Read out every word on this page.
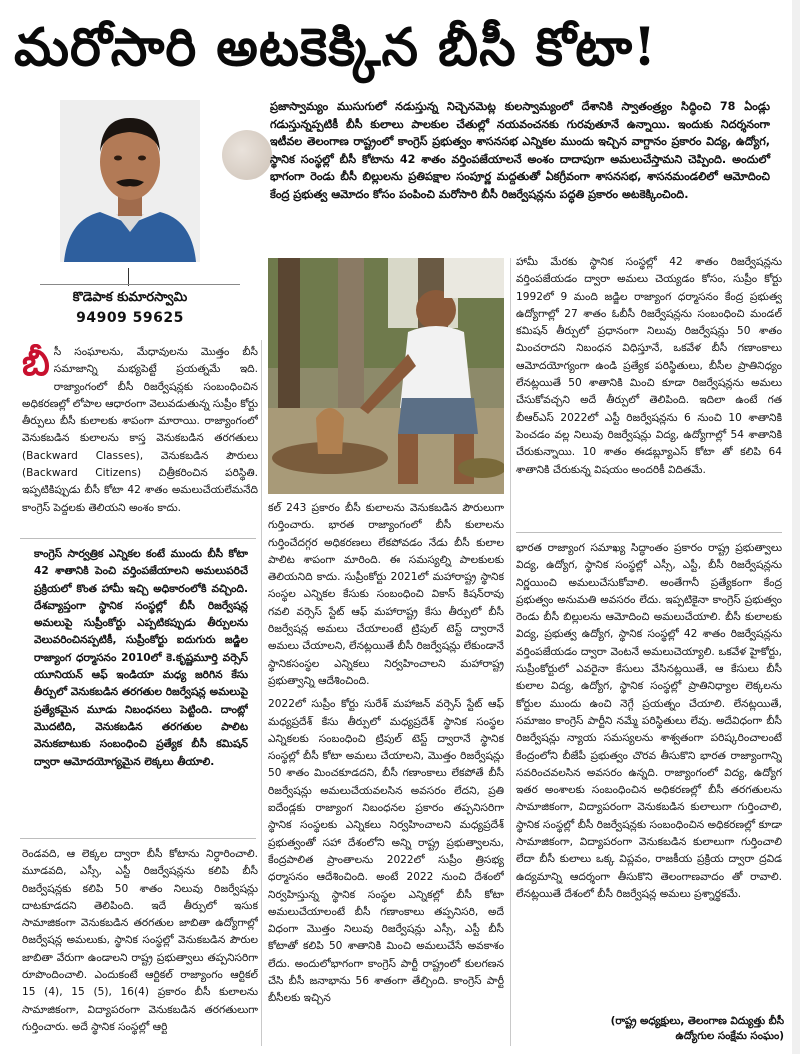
మరోసారి అటకెక్కిన బీసీ కోటా!
కొడెపాక కుమారస్వామి
94909 59625
ప్రజాస్వామ్యం ముసుగులో నడుస్తున్న నిచ్చెనమెట్ల కులస్వామ్యంలో దేశానికి స్వాతంత్ర్యం సిద్ధించి 78 ఏండ్లు గడుస్తున్నప్పటికీ బీసీ కులాలు పాలకుల చేతుల్లో నయవంచనకు గురవుతూనే ఉన్నాయి. ఇందుకు నిదర్శనంగా ఇటీవల తెలంగాణ రాష్ట్రంలో కాంగ్రెస్‌ ప్రభుత్వం శాసనసభ ఎన్నికల ముందు ఇచ్చిన వాగ్దానం ప్రకారం విద్య, ఉద్యోగ, స్థానిక సంస్థల్లో బీసీ కోటాను 42 శాతం వర్తింపజేయాలనే అంశం దాదాపుగా అమలుచేస్తామని చెప్పింది. అందులో భాగంగా రెండు బీసీ బిల్లులను ప్రతిపక్షాల సంపూర్ణ మద్దతుతో ఏకగ్రీవంగా శాసనసభ, శాసనమండలిలో ఆమోదించి కేంద్ర ప్రభుత్వ ఆమోదం కోసం పంపించి మరోసారి బీసీ రిజర్వేషన్లను పద్ధతి ప్రకారం అటకెక్కించింది.
బీ సీ సంఘాలను, మేధావులను మొత్తం బీసీ సమాజాన్ని మభ్యపెట్టే ప్రయత్నమే ఇది. రాజ్యాంగంలో బీసీ రిజర్వేషన్లకు సంబంధించిన అధికరణల్లో లోపాల ఆధారంగా వెలువడుతున్న సుప్రీం కోర్టు తీర్పులు బీసీ కులాలకు శాపంగా మారాయి. రాజ్యాంగంలో వెనుకబడిన కులాలను కాస్త వెనుకబడిన తరగతులు (Backward Classes), వెనుకబడిన పౌరులు (Backward Citizens) చిత్రీకరించిన పరిస్థితి. ఇప్పటికిప్పుడు బీసీ కోటా 42 శాతం అమలుచేయలేమనేది కాంగ్రెస్ పెద్దలకు తెలియని అంశం కాదు.
కాంగ్రెస్ సార్వత్రిక ఎన్నికల కంటే ముందు బీసీ కోటా 42 శాతానికి పెంచి వర్తింపజేయాలని అమలుపరిచే ప్రక్రియలో కొంత హామీ ఇచ్చి అధికారంలోకి వచ్చింది. దేశవ్యాప్తంగా స్థానిక సంస్థల్లో బీసీ రిజర్వేషన్ల అమలుపై సుప్రీంకోర్టు ఎప్పటికప్పుడు తీర్పులను వెలువరించినప్పటికీ, సుప్రీంకోర్టు ఐదుగురు జడ్జిల రాజ్యాంగ ధర్మాసనం 2010లో కె.కృష్ణమూర్తి వర్సెస్ యూనియన్ ఆఫ్ ఇండియా మధ్య జరిగిన కేసు తీర్పులో వెనుకబడిన తరగతుల రిజర్వేషన్ల అమలుపై ప్రత్యేకమైన మూడు నిబంధనలు పెట్టింది. దాంట్లో మొదటిది, వెనుకబడిన తరగతుల పాలిట వెనుకబాటుకు సంబంధించి ప్రత్యేక బీసీ కమిషన్ ద్వారా ఆమోదయోగ్యమైన లెక్కలు తీయాలి.
రెండవది, ఆ లెక్కల ద్వారా బీసీ కోటాను నిర్ధారించాలి. మూడవది, ఎస్సీ, ఎస్టీ రిజర్వేషన్లను కలిపి బీసీ రిజర్వేషన్లకు కలిపి 50 శాతం నిలువు రిజర్వేషన్లు దాటకూడదని తెలిపింది. ఇదే తీర్పులో ఇసుక సామాజికంగా వెనుకబడిన తరగతుల జాబితా ఉద్యోగాల్లో రిజర్వేషన్ల అమలుకు, స్థానిక సంస్థల్లో వెనుకబడిన పౌరుల జాబితా వేరుగా ఉండాలని రాష్ట్ర ప్రభుత్వాలు తప్పనిసరిగా రూపొందించాలి. ఎందుకంటే ఆర్టికల్ రాజ్యాంగం ఆర్టికల్ 15 (4), 15 (5), 16(4) ప్రకారం బీసీ కులాలను సామాజికంగా, విద్యాపరంగా వెనుకబడిన తరగతులుగా గుర్తించారు. అదే స్థానిక సంస్థల్లో ఆర్టి

కల్ 243 ప్రకారం బీసీ కులాలను వెనుకబడిన పౌరులుగా గుర్తించారు. భారత రాజ్యాంగంలో బీసీ కులాలను గుర్తించేదగ్గర అధికరణలు లేకపోవడం నేడు బీసీ కులాల పాలిట శాపంగా మారింది. ఈ సమస్యల్ని పాలకులకు తెలియనిది కాదు. సుప్రీంకోర్టు 2021లో మహారాష్ట్ర స్థానిక సంస్థల ఎన్నికల కేసుకు సంబంధించి వికాస్ కిషన్‌రావు గవలి వర్సెస్ స్టేట్ ఆఫ్ మహారాష్ట్ర కేసు తీర్పులో బీసీ రిజర్వేషన్ల అమలు చేయాలంటే ట్రిపుల్ టెస్ట్ ద్వారానే అమలు చేయాలని, లేనట్లయితే బీసీ రిజర్వేషన్లు లేకుండానే స్థానికసంస్థల ఎన్నికలు నిర్వహించాలని మహారాష్ట్ర ప్రభుత్వాన్ని ఆదేశించింది.

2022లో సుప్రీం కోర్టు సురేశ్ మహాజన్ వర్సెస్ స్టేట్ ఆఫ్ మధ్యప్రదేశ్ కేసు తీర్పులో మధ్యప్రదేశ్ స్థానిక సంస్థల ఎన్నికలకు సంబంధించి ట్రిపుల్ టెస్ట్ ద్వారానే స్థానిక సంస్థల్లో బీసీ కోటా అమలు చేయాలని, మొత్తం రిజర్వేషన్లు 50 శాతం మించకూడదని, బీసీ గణాంకాలు లేకపోతే బీసీ రిజర్వేషన్లు అమలుచేయవలసిన అవసరం లేదని, ప్రతి ఐదేండ్లకు రాజ్యాంగ నిబంధనల ప్రకారం తప్పనిసరిగా స్థానిక సంస్థలకు ఎన్నికలు నిర్వహించాలని మధ్యప్రదేశ్ ప్రభుత్వంతో సహా దేశంలోని అన్ని రాష్ట్ర ప్రభుత్వాలను, కేంద్రపాలిత ప్రాంతాలను 2022లో సుప్రీం త్రిసభ్య ధర్మాసనం ఆదేశించింది. అంటే 2022 నుంచి దేశంలో నిర్వహిస్తున్న స్థానిక సంస్థల ఎన్నికల్లో బీసీ కోటా అమలుచేయాలంటే బీసీ గణాంకాలు తప్పనిసరి, అదే విధంగా మొత్తం నిలువు రిజర్వేషన్లు ఎస్సీ, ఎస్టీ బీసీ కోటాతో కలిపి 50 శాతానికి మించి అమలుచేసే అవకాశం లేదు. అందులోభాగంగా కాంగ్రెస్ పార్టీ రాష్ట్రంలో కులగణన చేసి బీసీ జనాభాను 56 శాతంగా తేల్చింది. కాంగ్రెస్ పార్టీ బీసీలకు ఇచ్చిన

హామీ మేరకు స్థానిక సంస్థల్లో 42 శాతం రిజర్వేషన్లను వర్తింపజేయడం ద్వారా అమలు చెయ్యడం కోసం, సుప్రీం కోర్టు 1992లో 9 మంది జడ్జిల రాజ్యాంగ ధర్మాసనం కేంద్ర ప్రభుత్వ ఉద్యోగాల్లో 27 శాతం ఓబీసీ రిజర్వేషన్లను సంబంధించి మండల్ కమిషన్ తీర్పులో ప్రధానంగా నిలువు రిజర్వేషన్లు 50 శాతం మించరాదని నిబంధన విధిస్తూనే, ఒకవేళ బీసీ గణాంకాలు ఆమోదయోగ్యంగా ఉండి ప్రత్యేక పరిస్థితులు, బీసీల ప్రాతినిధ్యం లేనట్లయితే 50 శాతానికి మించి కూడా రిజర్వేషన్లను అమలు చేసుకోవచ్చని అదే తీర్పులో తెలిపింది. ఇదిలా ఉంటే గత బీఆర్ఎస్ 2022లో ఎస్టీ రిజర్వేషన్లను 6 నుంచి 10 శాతానికి పెంచడం వల్ల నిలువు రిజర్వేషన్లు విద్య, ఉద్యోగాల్లో 54 శాతానికి చేరుకున్నాయి. 10 శాతం ఈడబ్ల్యూఎస్ కోటా తో కలిపి 64 శాతానికి చేరుకున్న విషయం అందరికీ విదితమే.
భారత రాజ్యాంగ సమాఖ్య సిద్ధాంతం ప్రకారం రాష్ట్ర ప్రభుత్వాలు విద్య, ఉద్యోగ, స్థానిక సంస్థల్లో ఎస్సీ, ఎస్టీ, బీసీ రిజర్వేషన్లను నిర్ణయించి అమలుచేసుకోవాలి. అంతేగానీ ప్రత్యేకంగా కేంద్ర ప్రభుత్వం అనుమతి అవసరం లేదు. ఇప్పటికైనా కాంగ్రెస్ ప్రభుత్వం రెండు బీసీ బిల్లులను ఆమోదించి అమలుచేయాలి. బీసీ కులాలకు విద్య, ప్రభుత్వ ఉద్యోగ, స్థానిక సంస్థల్లో 42 శాతం రిజర్వేషన్లను వర్తింపజేయడం ద్వారా వెంటనే అమలుచెయ్యాలి. ఒకవేళ హైకోర్టు, సుప్రీంకోర్టులో ఎవరైనా కేసులు వేసినట్లయితే, ఆ కేసులు బీసీ కులాల విద్య, ఉద్యోగ, స్థానిక సంస్థల్లో ప్రాతినిధ్యాల లెక్కలను కోర్టుల ముందు ఉంచి నెగ్గే ప్రయత్నం చేయాలి. లేనట్లయితే, సమాజం కాంగ్రెస్ పార్టీని నమ్మే పరిస్థితులు లేవు. అదేవిధంగా బీసీ రిజర్వేషన్లు న్యాయ సమస్యలను శాశ్వతంగా పరిష్కరించాలంటే కేంద్రంలోని బీజేపీ ప్రభుత్వం చొరవ తీసుకొని భారత రాజ్యాంగాన్ని సవరించవలసిన అవసరం ఉన్నది. రాజ్యాంగంలో విద్య, ఉద్యోగ ఇతర అంశాలకు సంబంధించిన అధికరణల్లో బీసీ తరగతులను సామాజికంగా, విద్యాపరంగా వెనుకబడిన కులాలుగా గుర్తించాలి, స్థానిక సంస్థల్లో బీసీ రిజర్వేషన్లకు సంబంధించిన అధికరణల్లో కూడా సామాజికంగా, విద్యాపరంగా వెనుకబడిన కులాలుగా గుర్తించాలి లేదా బీసీ కులాలు ఒక్క విప్లవం, రాజకీయ ప్రక్రియ ద్వారా ద్రవిడ ఉద్యమాన్ని ఆదర్శంగా తీసుకొని తెలంగాణవాదం తో రావాలి. లేనట్లయితే దేశంలో బీసీ రిజర్వేషన్ల అమలు ప్రశ్నార్థకమే.
(రాష్ట్ర అధ్యక్షులు, తెలంగాణ విద్యుత్తు బీసీ ఉద్యోగుల సంక్షేమ సంఘం)
